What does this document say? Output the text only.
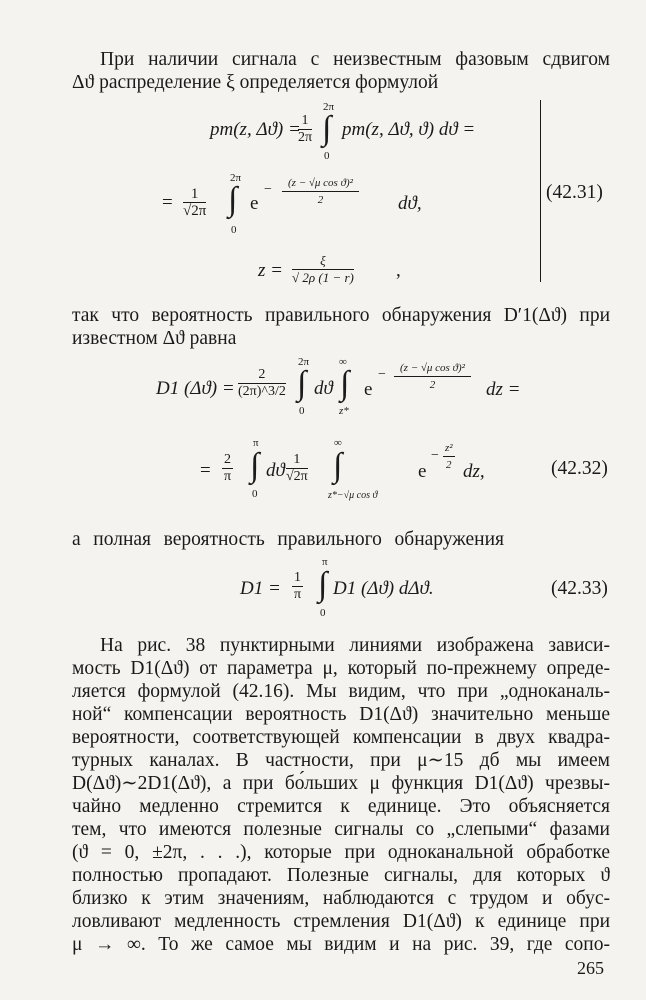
При наличии сигнала с неизвестным фазовым сдвигом
Δϑ распределение ξ определяется формулой
pm(z, Δϑ) =
$\frac{1}{2\pi}$
2π
∫
0
pm(z, Δϑ, ϑ) dϑ =
= $\frac{1}{√2\pi}$
2π
∫
0
e
− $\frac{\text{(z − √μ cos ϑ)²}}{2} dϑ$,
$z = \frac{\xi}{√ 2\rho (1 - r)}$ ,
(42.31)
так что вероятность правильного обнаружения D′1(Δϑ) при
известном Δϑ равна
D1 $(\Delta ϑ) = \frac{2}{(2\pi)\^{}3/2}$
2π
∫
0
dϑ
∞
∫
z*
e
− $\frac{\text{(z − √μ cos ϑ)²}}{2}$ dz =
= $\frac{2}{\pi}$
π
∫
0
dϑ $\frac{1}{√2\pi}$
∞
∫
z*−√μ cos ϑ
e
− $\frac{\text{z²}}{2}$ dz,	(42.32)
а полная вероятность правильного обнаружения
$D1 = \frac{1}{\pi}$
π
∫
0
D1 (Δϑ) dΔϑ.	(42.33)
На рис. 38 пунктирными линиями изображена зависи-
мость D1(Δϑ) от параметра μ, который по-прежнему опреде-
ляется формулой (42.16). Мы видим, что при „одноканаль-
ной“ компенсации вероятность D1(Δϑ) значительно меньше
вероятности, соответствующей компенсации в двух квадра-
турных каналах. В частности, при μ∼15 дб мы имеем
D(Δϑ)∼2D1(Δϑ), а при бо́льших μ функция D1(Δϑ) чрезвы-
чайно медленно стремится к единице. Это объясняется
тем, что имеются полезные сигналы со „слепыми“ фазами
(ϑ = 0, ±2π, . . .), которые при одноканальной обработке
полностью пропадают. Полезные сигналы, для которых ϑ
близко к этим значениям, наблюдаются с трудом и обус-
ловливают медленность стремления D1(Δϑ) к единице при
μ → ∞. То же самое мы видим и на рис. 39, где сопо-
265
